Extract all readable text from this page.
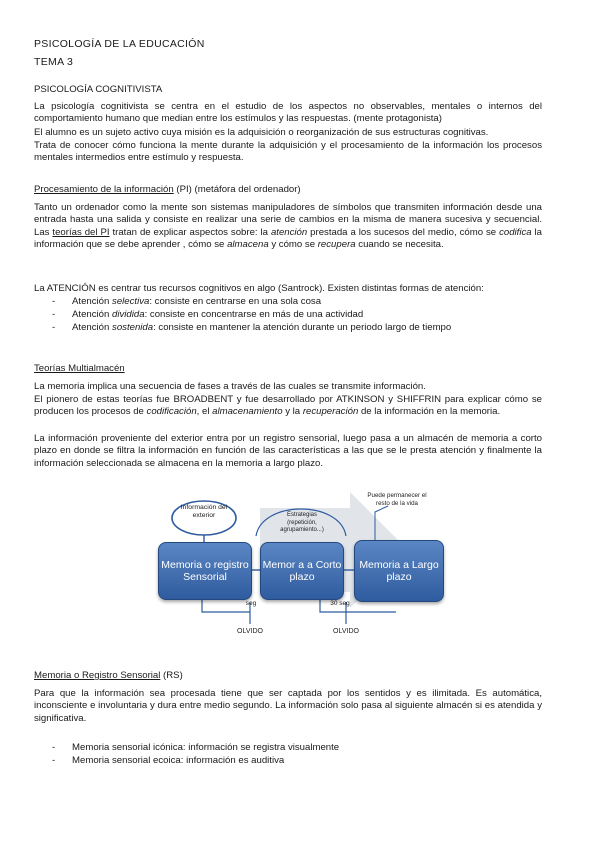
PSICOLOGÍA DE LA EDUCACIÓN
TEMA 3
PSICOLOGÍA COGNITIVISTA
La psicología cognitivista se centra en el estudio de los aspectos no observables, mentales o internos del comportamiento humano que median entre los estímulos y las respuestas. (mente protagonista)
El alumno es un sujeto activo cuya misión es la adquisición o reorganización de sus estructuras cognitivas.
Trata de conocer cómo funciona la mente durante la adquisición y el procesamiento de la información los procesos mentales intermedios entre estímulo y respuesta.
Procesamiento de la información (PI) (metáfora del ordenador)
Tanto un ordenador como la mente son sistemas manipuladores de símbolos que transmiten información desde una entrada hasta una salida y consiste en realizar una serie de cambios en la misma de manera sucesiva y secuencial. Las teorías del PI tratan de explicar aspectos sobre: la atención prestada a los sucesos del medio, cómo se codifica la información que se debe aprender , cómo se almacena y cómo se recupera cuando se necesita.
La ATENCIÓN es centrar tus recursos cognitivos en algo (Santrock). Existen distintas formas de atención:
- Atención selectiva: consiste en centrarse en una sola cosa
- Atención dividida: consiste en concentrarse en más de una actividad
- Atención sostenida: consiste en mantener la atención durante un periodo largo de tiempo
Teorías Multialmacén
La memoria implica una secuencia de fases a través de las cuales se transmite información.
El pionero de estas teorías fue BROADBENT y fue desarrollado por ATKINSON y SHIFFRIN para explicar cómo se producen los procesos de codificación, el almacenamiento y la recuperación de la información en la memoria.
La información proveniente del exterior entra por un registro sensorial, luego pasa a un almacén de memoria a corto plazo en donde se filtra la información en función de las características a las que se le presta atención y finalmente la información seleccionada se almacena en la memoria a largo plazo.
Información del exterior	Estrategias (repetición, agrupamiento...)
Puede permanecer el resto de la vida
Memoria o registro Sensorial
Memor a a Corto plazo
Memoria a Largo plazo
seg	30 seg
OLVIDO	OLVIDO
Memoria o Registro Sensorial (RS)
Para que la información sea procesada tiene que ser captada por los sentidos y es ilimitada. Es automática, inconsciente e involuntaria y dura entre medio segundo. La información solo pasa al siguiente almacén si es atendida y significativa.
- Memoria sensorial icónica: información se registra visualmente
- Memoria sensorial ecoica: información es auditiva
